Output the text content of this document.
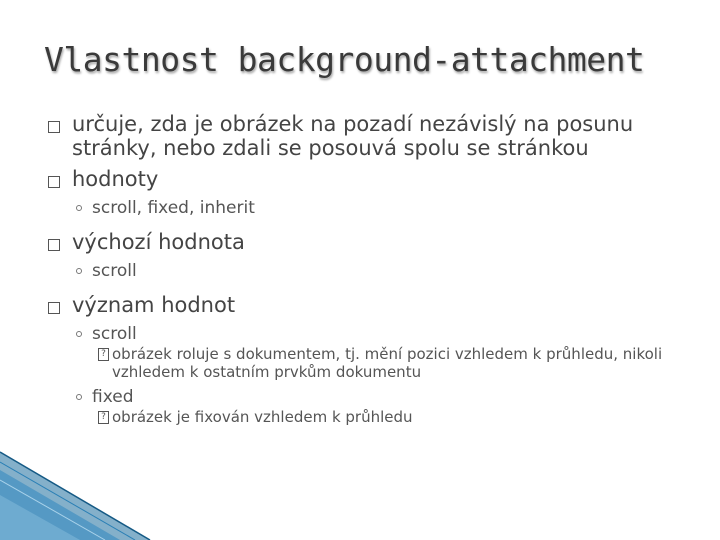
Vlastnost background-attachment
určuje, zda je obrázek na pozadí nezávislý na posunu stránky, nebo zdali se posouvá spolu se stránkou
hodnoty
scroll, fixed, inherit
výchozí hodnota
scroll
význam hodnot
scroll
? obrázek roluje s dokumentem, tj. mění pozici vzhledem k průhledu, nikoli vzhledem k ostatním prvkům dokumentu
fixed
? obrázek je fixován vzhledem k průhledu
